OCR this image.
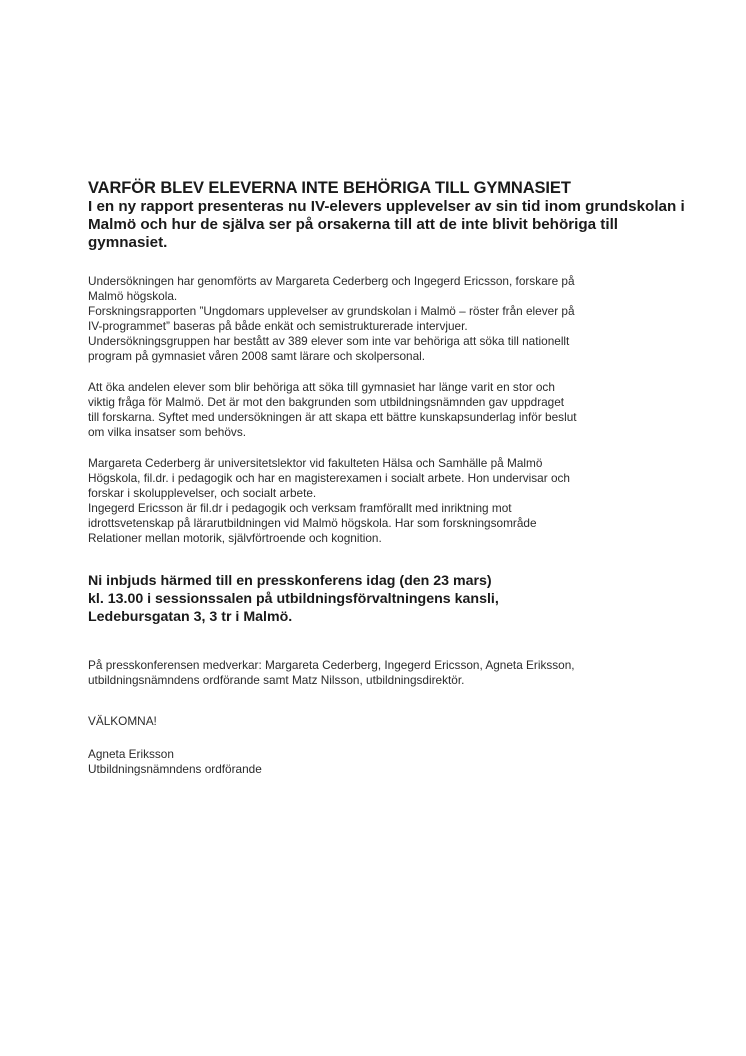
VARFÖR BLEV ELEVERNA INTE BEHÖRIGA TILL GYMNASIET

I en ny rapport presenteras nu IV-elevers upplevelser av sin tid inom grundskolan i Malmö och hur de själva ser på orsakerna till att de inte blivit behöriga till gymnasiet.

Undersökningen har genomförts av Margareta Cederberg och Ingegerd Ericsson, forskare på
Malmö högskola.
Forskningsrapporten ”Ungdomars upplevelser av grundskolan i Malmö – röster från elever på
IV-programmet” baseras på både enkät och semistrukturerade intervjuer.
Undersökningsgruppen har bestått av 389 elever som inte var behöriga att söka till nationellt
program på gymnasiet våren 2008 samt lärare och skolpersonal.

Att öka andelen elever som blir behöriga att söka till gymnasiet har länge varit en stor och
viktig fråga för Malmö. Det är mot den bakgrunden som utbildningsnämnden gav uppdraget
till forskarna. Syftet med undersökningen är att skapa ett bättre kunskapsunderlag inför beslut
om vilka insatser som behövs.

Margareta Cederberg är universitetslektor vid fakulteten Hälsa och Samhälle på Malmö
Högskola, fil.dr. i pedagogik och har en magisterexamen i socialt arbete. Hon undervisar och
forskar i skolupplevelser, och socialt arbete.
Ingegerd Ericsson är fil.dr i pedagogik och verksam framförallt med inriktning mot
idrottsvetenskap på lärarutbildningen vid Malmö högskola. Har som forskningsområde
Relationer mellan motorik, självförtroende och kognition.

Ni inbjuds härmed till en presskonferens idag (den 23 mars)
kl. 13.00 i sessionssalen på utbildningsförvaltningens kansli,
Ledebursgatan 3, 3 tr i Malmö.

På presskonferensen medverkar: Margareta Cederberg, Ingegerd Ericsson, Agneta Eriksson,
utbildningsnämndens ordförande samt Matz Nilsson, utbildningsdirektör.

VÄLKOMNA!

Agneta Eriksson

Utbildningsnämndens ordförande
